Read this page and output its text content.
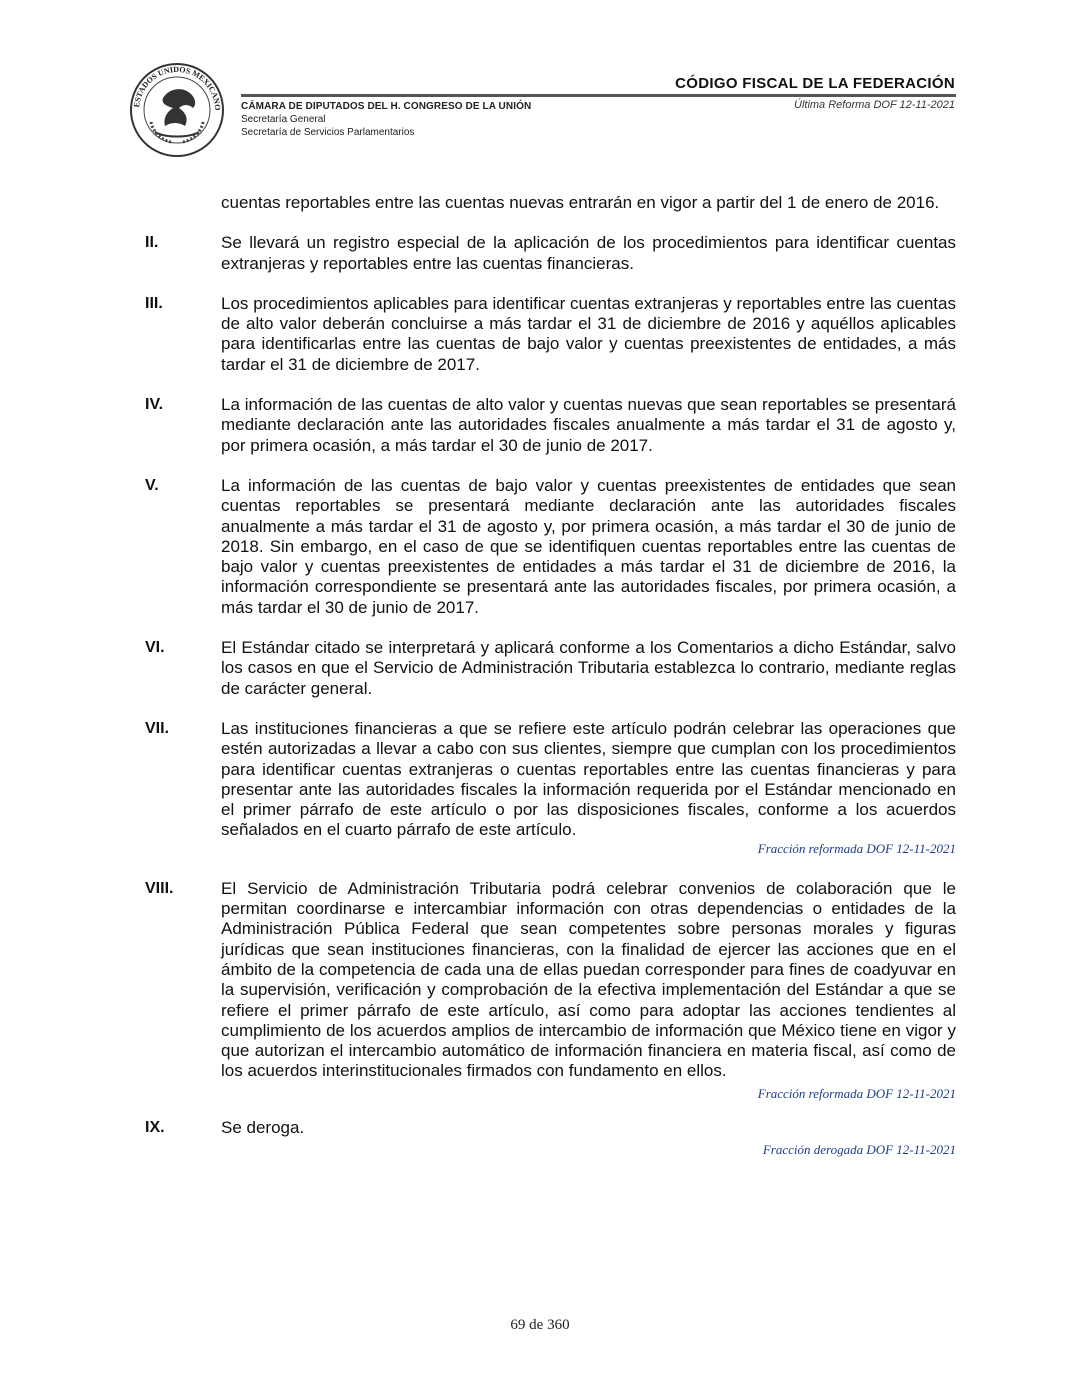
ESTADOS UNIDOS MEXICANO
CÓDIGO FISCAL DE LA FEDERACIÓN
Última Reforma DOF 12-11-2021
CÁMARA DE DIPUTADOS DEL H. CONGRESO DE LA UNIÓN
Secretaría General
Secretaría de Servicios Parlamentarios
cuentas reportables entre las cuentas nuevas entrarán en vigor a partir del 1 de enero de 2016.
II.	Se llevará un registro especial de la aplicación de los procedimientos para identificar cuentas extranjeras y reportables entre las cuentas financieras.
III.	Los procedimientos aplicables para identificar cuentas extranjeras y reportables entre las cuentas de alto valor deberán concluirse a más tardar el 31 de diciembre de 2016 y aquéllos aplicables para identificarlas entre las cuentas de bajo valor y cuentas preexistentes de entidades, a más tardar el 31 de diciembre de 2017.
IV.	La información de las cuentas de alto valor y cuentas nuevas que sean reportables se presentará mediante declaración ante las autoridades fiscales anualmente a más tardar el 31 de agosto y, por primera ocasión, a más tardar el 30 de junio de 2017.
V.	La información de las cuentas de bajo valor y cuentas preexistentes de entidades que sean cuentas reportables se presentará mediante declaración ante las autoridades fiscales anualmente a más tardar el 31 de agosto y, por primera ocasión, a más tardar el 30 de junio de 2018. Sin embargo, en el caso de que se identifiquen cuentas reportables entre las cuentas de bajo valor y cuentas preexistentes de entidades a más tardar el 31 de diciembre de 2016, la información correspondiente se presentará ante las autoridades fiscales, por primera ocasión, a más tardar el 30 de junio de 2017.
VI.	El Estándar citado se interpretará y aplicará conforme a los Comentarios a dicho Estándar, salvo los casos en que el Servicio de Administración Tributaria establezca lo contrario, mediante reglas de carácter general.
VII.	Las instituciones financieras a que se refiere este artículo podrán celebrar las operaciones que estén autorizadas a llevar a cabo con sus clientes, siempre que cumplan con los procedimientos para identificar cuentas extranjeras o cuentas reportables entre las cuentas financieras y para presentar ante las autoridades fiscales la información requerida por el Estándar mencionado en el primer párrafo de este artículo o por las disposiciones fiscales, conforme a los acuerdos señalados en el cuarto párrafo de este artículo.
Fracción reformada DOF 12-11-2021
VIII.	El Servicio de Administración Tributaria podrá celebrar convenios de colaboración que le permitan coordinarse e intercambiar información con otras dependencias o entidades de la Administración Pública Federal que sean competentes sobre personas morales y figuras jurídicas que sean instituciones financieras, con la finalidad de ejercer las acciones que en el ámbito de la competencia de cada una de ellas puedan corresponder para fines de coadyuvar en la supervisión, verificación y comprobación de la efectiva implementación del Estándar a que se refiere el primer párrafo de este artículo, así como para adoptar las acciones tendientes al cumplimiento de los acuerdos amplios de intercambio de información que México tiene en vigor y que autorizan el intercambio automático de información financiera en materia fiscal, así como de los acuerdos interinstitucionales firmados con fundamento en ellos.
Fracción reformada DOF 12-11-2021
IX.	Se deroga.
Fracción derogada DOF 12-11-2021
69 de 360
